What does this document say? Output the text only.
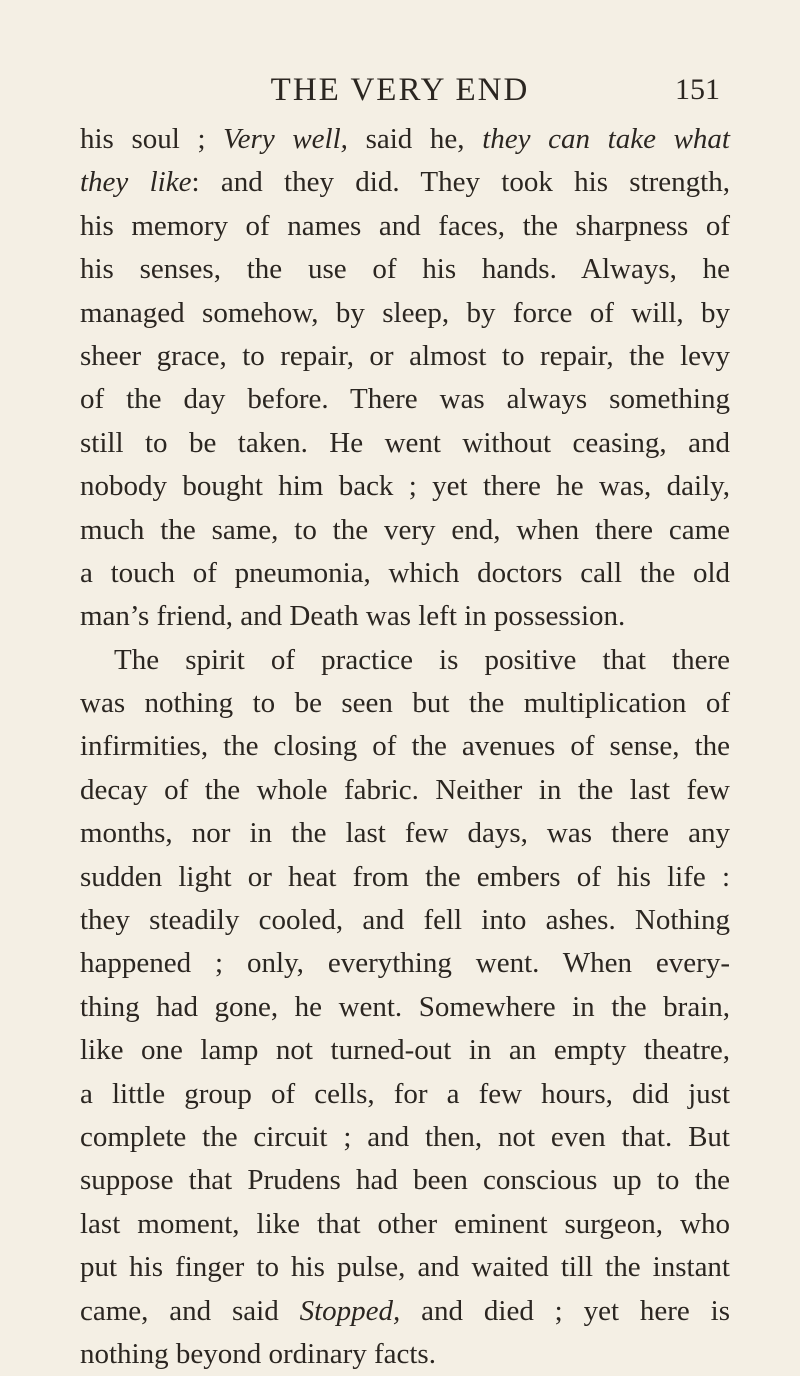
THE VERY END	151
his soul ; Very well, said he, they can take what
they like: and they did. They took his strength,
his memory of names and faces, the sharpness of
his senses, the use of his hands. Always, he
managed somehow, by sleep, by force of will, by
sheer grace, to repair, or almost to repair, the levy
of the day before. There was always something
still to be taken. He went without ceasing, and
nobody bought him back ; yet there he was, daily,
much the same, to the very end, when there came
a touch of pneumonia, which doctors call the old
man’s friend, and Death was left in possession.
The spirit of practice is positive that there
was nothing to be seen but the multiplication of
infirmities, the closing of the avenues of sense, the
decay of the whole fabric. Neither in the last few
months, nor in the last few days, was there any
sudden light or heat from the embers of his life :
they steadily cooled, and fell into ashes. Nothing
happened ; only, everything went. When every-
thing had gone, he went. Somewhere in the brain,
like one lamp not turned-out in an empty theatre,
a little group of cells, for a few hours, did just
complete the circuit ; and then, not even that. But
suppose that Prudens had been conscious up to the
last moment, like that other eminent surgeon, who
put his finger to his pulse, and waited till the instant
came, and said Stopped, and died ; yet here is
nothing beyond ordinary facts.
